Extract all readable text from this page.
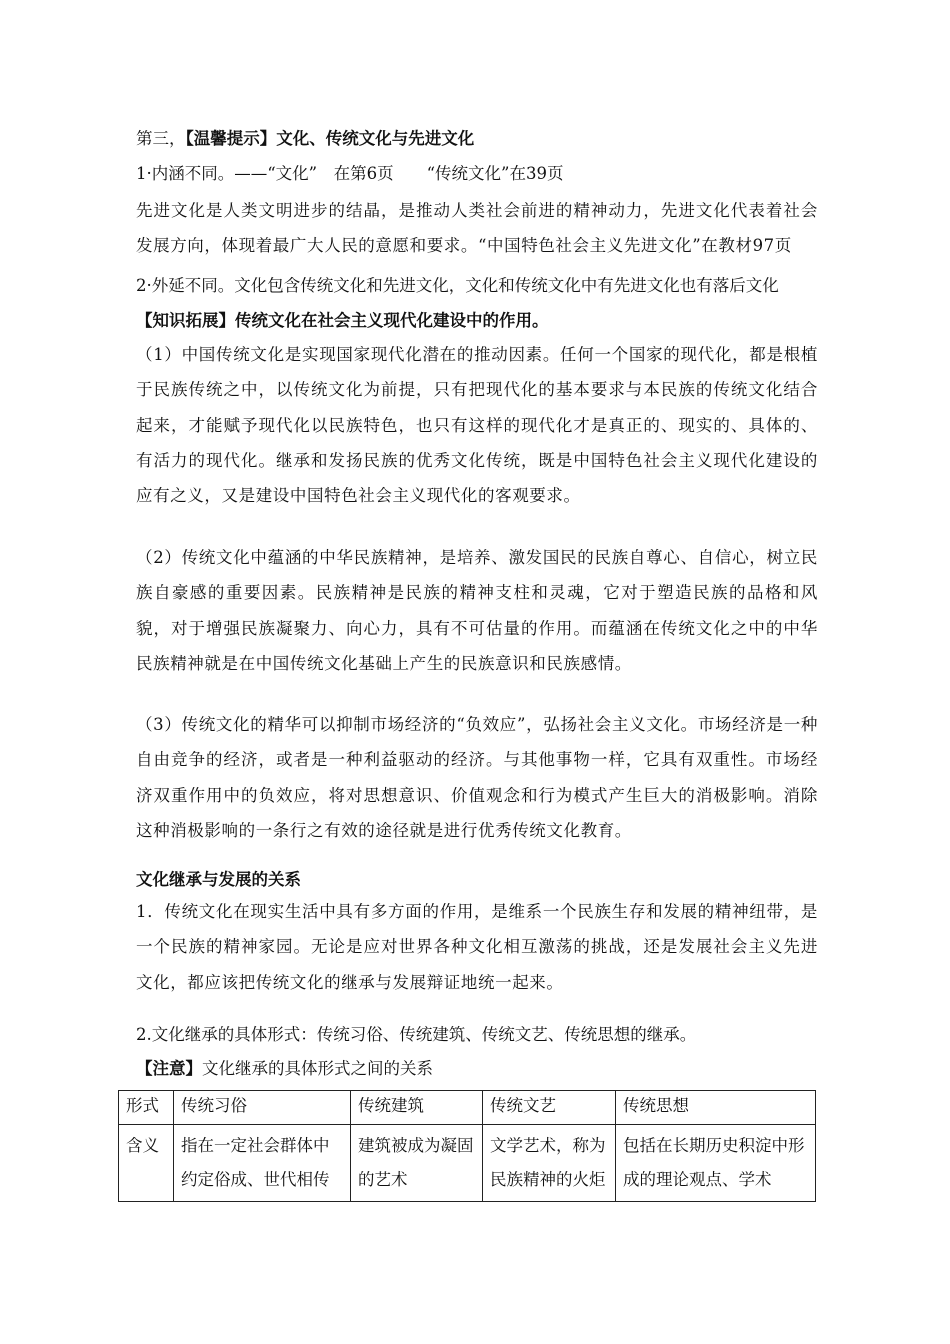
第三，【温馨提示】文化、传统文化与先进文化
1·内涵不同。——“文化”　在第6页　　“传统文化”在39页
先进文化是人类文明进步的结晶，是推动人类社会前进的精神动力，先进文化代表着社会发展方向，体现着最广大人民的意愿和要求。“中国特色社会主义先进文化”在教材97页
2·外延不同。文化包含传统文化和先进文化，文化和传统文化中有先进文化也有落后文化
【知识拓展】传统文化在社会主义现代化建设中的作用。
（1）中国传统文化是实现国家现代化潜在的推动因素。任何一个国家的现代化，都是根植于民族传统之中，以传统文化为前提，只有把现代化的基本要求与本民族的传统文化结合起来，才能赋予现代化以民族特色，也只有这样的现代化才是真正的、现实的、具体的、有活力的现代化。继承和发扬民族的优秀文化传统，既是中国特色社会主义现代化建设的应有之义，又是建设中国特色社会主义现代化的客观要求。
（2）传统文化中蕴涵的中华民族精神，是培养、激发国民的民族自尊心、自信心，树立民族自豪感的重要因素。民族精神是民族的精神支柱和灵魂，它对于塑造民族的品格和风貌，对于增强民族凝聚力、向心力，具有不可估量的作用。而蕴涵在传统文化之中的中华民族精神就是在中国传统文化基础上产生的民族意识和民族感情。
（3）传统文化的精华可以抑制市场经济的“负效应”，弘扬社会主义文化。市场经济是一种自由竞争的经济，或者是一种利益驱动的经济。与其他事物一样，它具有双重性。市场经济双重作用中的负效应，将对思想意识、价值观念和行为模式产生巨大的消极影响。消除这种消极影响的一条行之有效的途径就是进行优秀传统文化教育。
文化继承与发展的关系
1．传统文化在现实生活中具有多方面的作用，是维系一个民族生存和发展的精神纽带，是一个民族的精神家园。无论是应对世界各种文化相互激荡的挑战，还是发展社会主义先进文化，都应该把传统文化的继承与发展辩证地统一起来。
2.文化继承的具体形式：传统习俗、传统建筑、传统文艺、传统思想的继承。
【注意】文化继承的具体形式之间的关系
形式	传统习俗	传统建筑	传统文艺	传统思想
含义	指在一定社会群体中约定俗成、世代相传	建筑被成为凝固的艺术	文学艺术，称为民族精神的火炬	包括在长期历史积淀中形成的理论观点、学术
